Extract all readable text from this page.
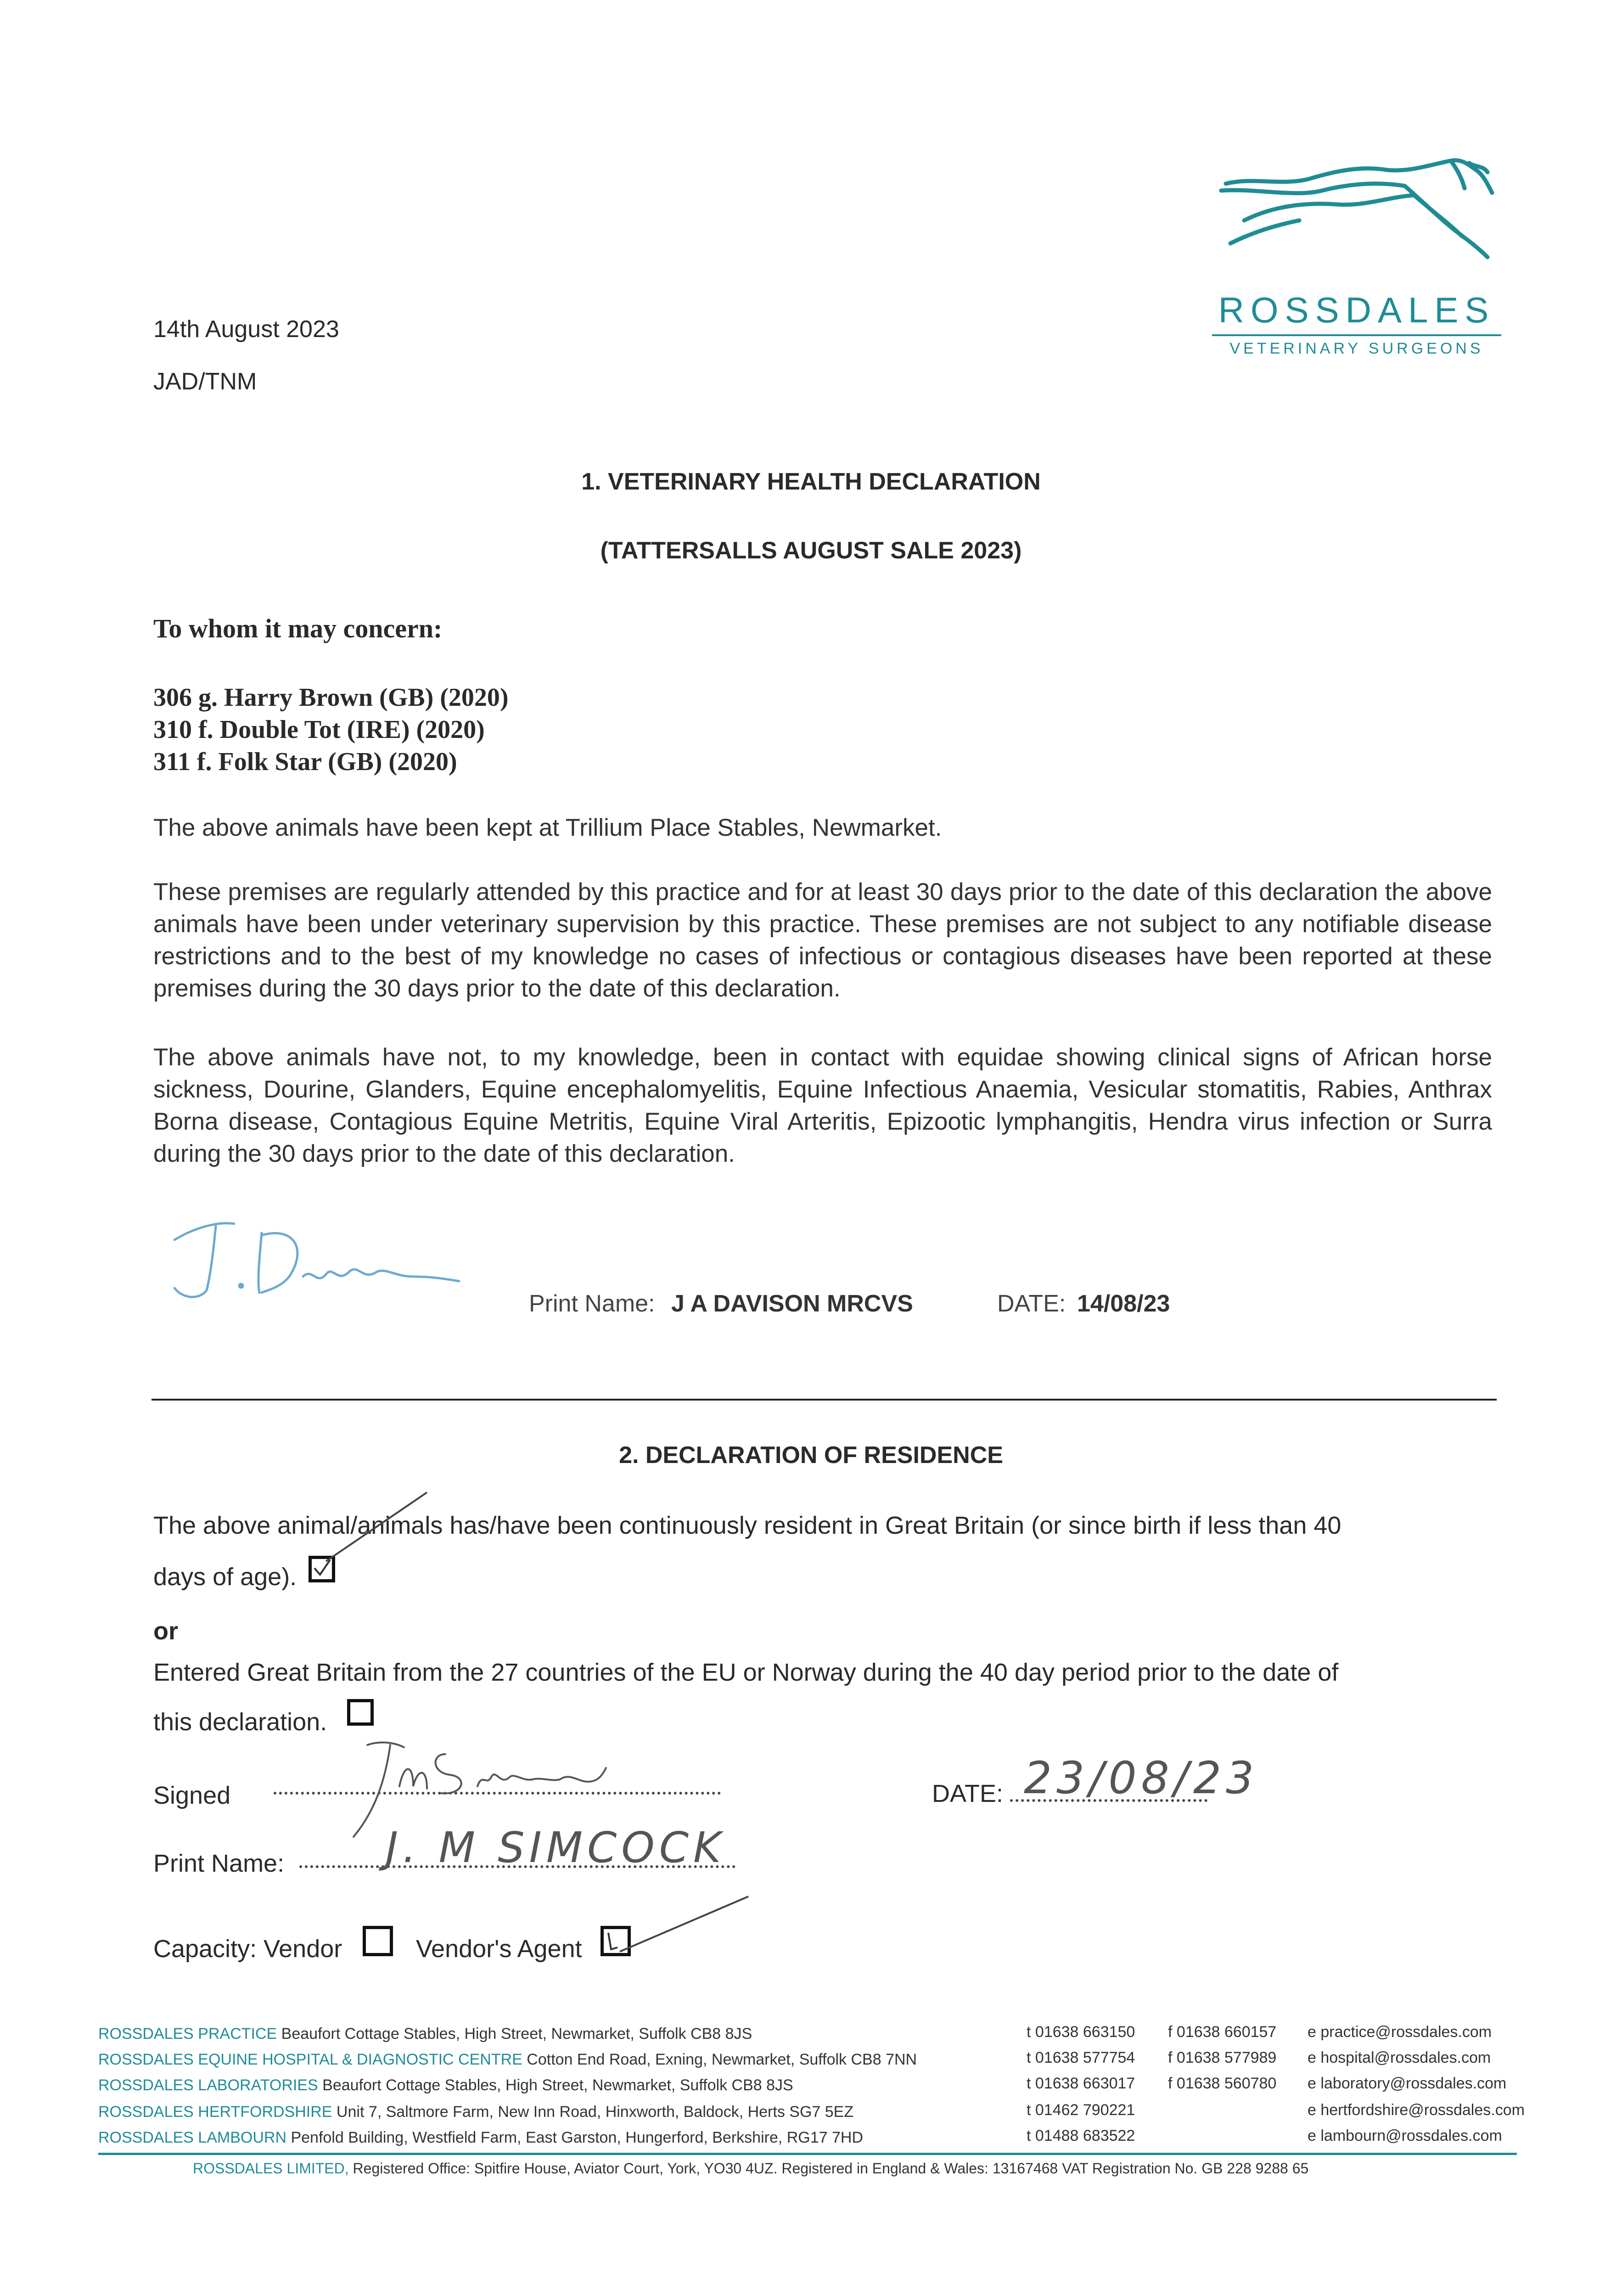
14th August 2023
JAD/TNM
ROSSDALES
VETERINARY SURGEONS
1. VETERINARY HEALTH DECLARATION
(TATTERSALLS AUGUST SALE 2023)
To whom it may concern:
306 g. Harry Brown (GB) (2020)
310 f. Double Tot (IRE) (2020)
311 f. Folk Star (GB) (2020)
The above animals have been kept at Trillium Place Stables, Newmarket.
These premises are regularly attended by this practice and for at least 30 days prior to the date of this declaration the above animals have been under veterinary supervision by this practice. These premises are not subject to any notifiable disease restrictions and to the best of my knowledge no cases of infectious or contagious diseases have been reported at these premises during the 30 days prior to the date of this declaration.
The above animals have not, to my knowledge, been in contact with equidae showing clinical signs of African horse sickness, Dourine, Glanders, Equine encephalomyelitis, Equine Infectious Anaemia, Vesicular stomatitis, Rabies, Anthrax Borna disease, Contagious Equine Metritis, Equine Viral Arteritis, Epizootic lymphangitis, Hendra virus infection or Surra during the 30 days prior to the date of this declaration.
Print Name: J A DAVISON MRCVS	DATE: 14/08/23
2. DECLARATION OF RESIDENCE
The above animal/animals has/have been continuously resident in Great Britain (or since birth if less than 40
days of age).
or
Entered Great Britain from the 27 countries of the EU or Norway during the 40 day period prior to the date of
this declaration.
Signed
Print Name: J. M SIMCOCK
DATE: 23/08/23
Capacity: Vendor	Vendor's Agent
ROSSDALES PRACTICE Beaufort Cottage Stables, High Street, Newmarket, Suffolk CB8 8JS
ROSSDALES EQUINE HOSPITAL & DIAGNOSTIC CENTRE Cotton End Road, Exning, Newmarket, Suffolk CB8 7NN
ROSSDALES LABORATORIES Beaufort Cottage Stables, High Street, Newmarket, Suffolk CB8 8JS
ROSSDALES HERTFORDSHIRE Unit 7, Saltmore Farm, New Inn Road, Hinxworth, Baldock, Herts SG7 5EZ
ROSSDALES LAMBOURN Penfold Building, Westfield Farm, East Garston, Hungerford, Berkshire, RG17 7HD
t 01638 663150
t 01638 577754
t 01638 663017
t 01462 790221
t 01488 683522
f 01638 660157
f 01638 577989
f 01638 560780
e practice@rossdales.com
e hospital@rossdales.com
e laboratory@rossdales.com
e hertfordshire@rossdales.com
e lambourn@rossdales.com
ROSSDALES LIMITED, Registered Office: Spitfire House, Aviator Court, York, YO30 4UZ. Registered in England & Wales: 13167468 VAT Registration No. GB 228 9288 65
